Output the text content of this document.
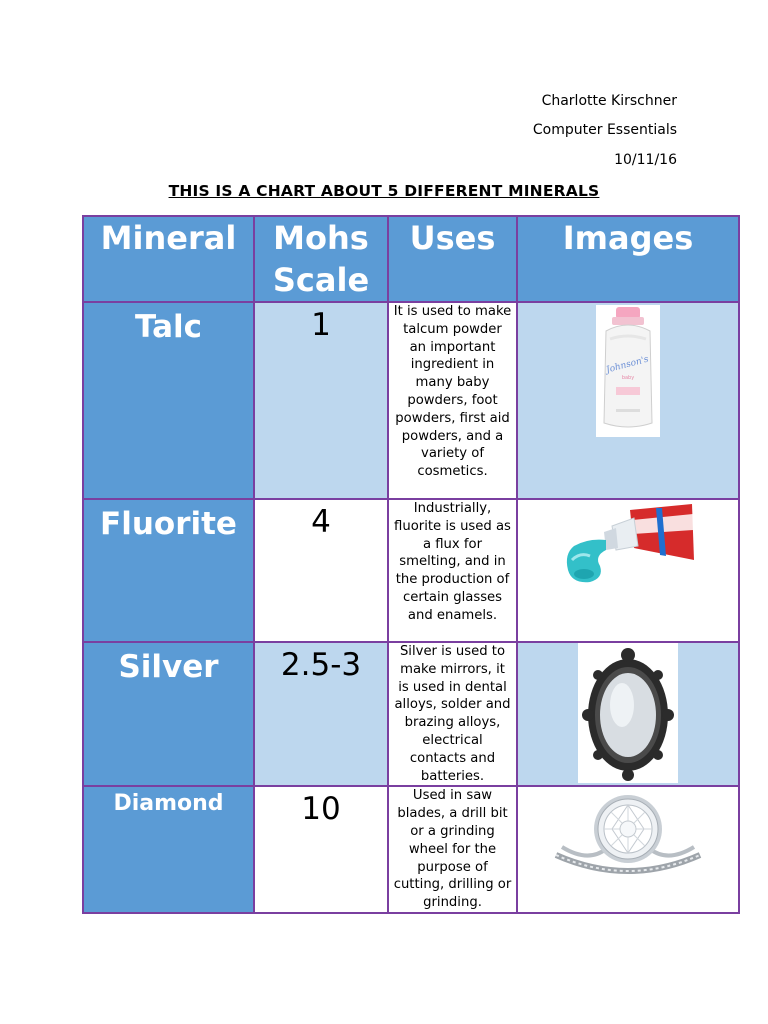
Charlotte Kirschner
Computer Essentials
10/11/16
THIS IS A CHART ABOUT 5 DIFFERENT MINERALS
Mineral	Mohs Scale	Uses	Images

Talc	1	It is used to make talcum powder an important ingredient in many baby powders, foot powders, first aid powders, and a variety of cosmetics.	Johnson's
baby

Fluorite	4	Industrially, fluorite is used as a flux for smelting, and in the production of certain glasses and enamels.

Silver	2.5-3	Silver is used to make mirrors, it is used in dental alloys, solder and brazing alloys, electrical contacts and batteries.

Diamond	10	Used in saw blades, a drill bit or a grinding wheel for the purpose of cutting, drilling or grinding.
